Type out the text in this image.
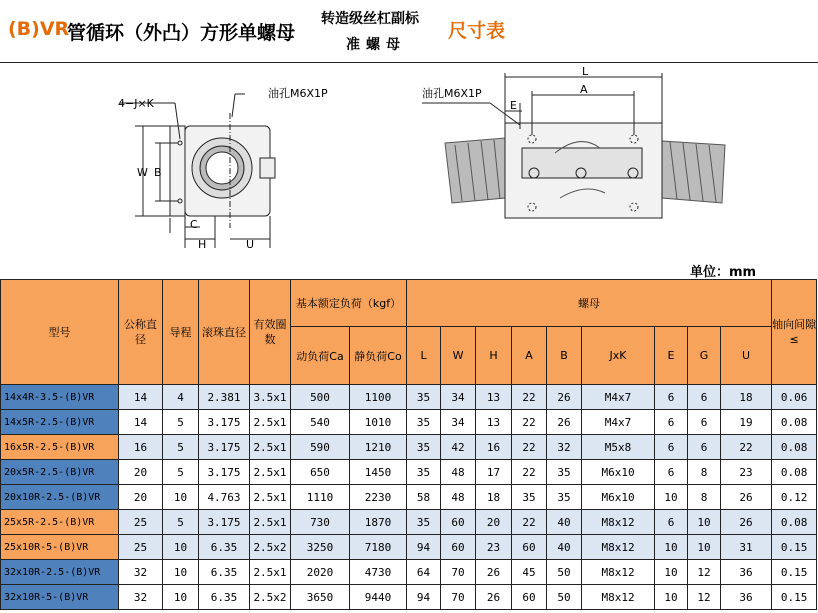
(B)VR
管循环（外凸）方形单螺母
转造级丝杠副标
准螺母
尺寸表
4−J×K
油孔M6X1P
W B
C
H	U
L
A
E
油孔M6X1P
单位：mm
型号	公称直径	导程	滚珠直径	有效圈数	基本额定负荷（kgf）		螺母									轴向间隙≤
					动负荷Ca	静负荷Co	L	W	H	A	B	JxK	E	G	U	
14x4R-3.5-(B)VR	14	4	2.381	3.5x1	500	1100	35	34	13	22	26	M4x7	6	6	18	0.06
14x5R-2.5-(B)VR	14	5	3.175	2.5x1	540	1010	35	34	13	22	26	M4x7	6	6	19	0.08
16x5R-2.5-(B)VR	16	5	3.175	2.5x1	590	1210	35	42	16	22	32	M5x8	6	6	22	0.08
20x5R-2.5-(B)VR	20	5	3.175	2.5x1	650	1450	35	48	17	22	35	M6x10	6	8	23	0.08
20x10R-2.5-(B)VR	20	10	4.763	2.5x1	1110	2230	58	48	18	35	35	M6x10	10	8	26	0.12
25x5R-2.5-(B)VR	25	5	3.175	2.5x1	730	1870	35	60	20	22	40	M8x12	6	10	26	0.08
25x10R-5-(B)VR	25	10	6.35	2.5x2	3250	7180	94	60	23	60	40	M8x12	10	10	31	0.15
32x10R-2.5-(B)VR	32	10	6.35	2.5x1	2020	4730	64	70	26	45	50	M8x12	10	12	36	0.15
32x10R-5-(B)VR	32	10	6.35	2.5x2	3650	9440	94	70	26	60	50	M8x12	10	12	36	0.15
